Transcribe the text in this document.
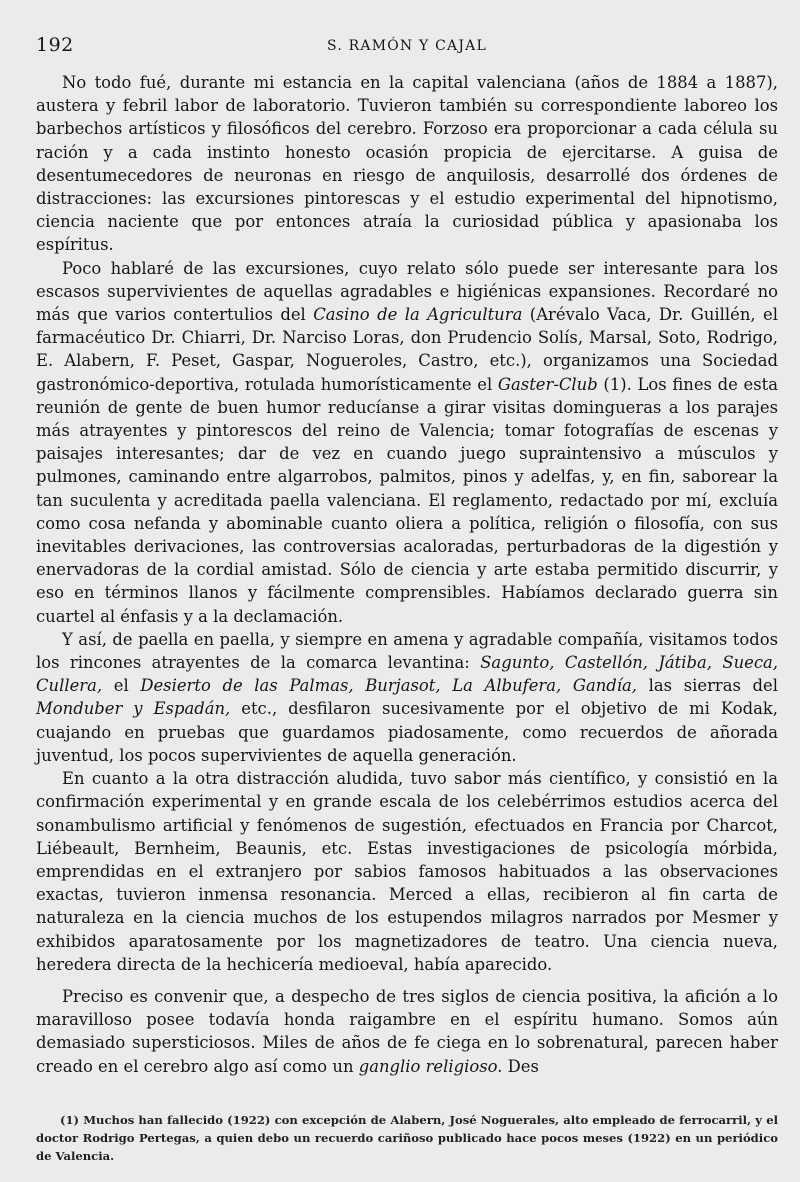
192	S. RAMÓN Y CAJAL

No todo fué, durante mi estancia en la capital valenciana (años de 1884 a 1887), austera y febril labor de laboratorio. Tuvieron también su correspondiente laboreo los barbechos artísticos y filosóficos del cerebro. Forzoso era proporcionar a cada célula su ración y a cada instinto honesto ocasión propicia de ejercitarse. A guisa de desentumecedores de neuronas en riesgo de anquilosis, desarrollé dos órdenes de distracciones: las excursiones pintorescas y el estudio experimental del hipnotismo, ciencia naciente que por entonces atraía la curiosidad pública y apasionaba los espíritus.

Poco hablaré de las excursiones, cuyo relato sólo puede ser interesante para los escasos supervivientes de aquellas agradables e higiénicas expansiones. Recordaré no más que varios contertulios del Casino de la Agricultura (Arévalo Vaca, Dr. Guillén, el farmacéutico Dr. Chiarri, Dr. Narciso Loras, don Prudencio Solís, Marsal, Soto, Rodrigo, E. Alabern, F. Peset, Gaspar, Nogueroles, Castro, etc.), organizamos una Sociedad gastronómico-deportiva, rotulada humorísticamente el Gaster-Club (1). Los fines de esta reunión de gente de buen humor reducíanse a girar visitas domingueras a los parajes más atrayentes y pintorescos del reino de Valencia; tomar fotografías de escenas y paisajes interesantes; dar de vez en cuando juego supraintensivo a músculos y pulmones, caminando entre algarrobos, palmitos, pinos y adelfas, y, en fin, saborear la tan suculenta y acreditada paella valenciana. El reglamento, redactado por mí, excluía como cosa nefanda y abominable cuanto oliera a política, religión o filosofía, con sus inevitables derivaciones, las controversias acaloradas, perturbadoras de la digestión y enervadoras de la cordial amistad. Sólo de ciencia y arte estaba permitido discurrir, y eso en términos llanos y fácilmente comprensibles. Habíamos declarado guerra sin cuartel al énfasis y a la declamación.

Y así, de paella en paella, y siempre en amena y agradable compañía, visitamos todos los rincones atrayentes de la comarca levantina: Sagunto, Castellón, Játiba, Sueca, Cullera, el Desierto de las Palmas, Burjasot, La Albufera, Gandía, las sierras del Monduber y Espadán, etc., desfilaron sucesivamente por el objetivo de mi Kodak, cuajando en pruebas que guardamos piadosamente, como recuerdos de añorada juventud, los pocos supervivientes de aquella generación.

En cuanto a la otra distracción aludida, tuvo sabor más científico, y consistió en la confirmación experimental y en grande escala de los celebérrimos estudios acerca del sonambulismo artificial y fenómenos de sugestión, efectuados en Francia por Charcot, Liébeault, Bernheim, Beaunis, etc. Estas investigaciones de psicología mórbida, emprendidas en el extranjero por sabios famosos habituados a las observaciones exactas, tuvieron inmensa resonancia. Merced a ellas, recibieron al fin carta de naturaleza en la ciencia muchos de los estupendos milagros narrados por Mesmer y exhibidos aparatosamente por los magnetizadores de teatro. Una ciencia nueva, heredera directa de la hechicería medioeval, había aparecido.

Preciso es convenir que, a despecho de tres siglos de ciencia positiva, la afición a lo maravilloso posee todavía honda raigambre en el espíritu humano. Somos aún demasiado supersticiosos. Miles de años de fe ciega en lo sobrenatural, parecen haber creado en el cerebro algo así como un ganglio religioso. Des

(1) Muchos han fallecido (1922) con excepción de Alabern, José Noguerales, alto empleado de ferrocarril, y el doctor Rodrigo Pertegas, a quien debo un recuerdo cariñoso publicado hace pocos meses (1922) en un periódico de Valencia.
